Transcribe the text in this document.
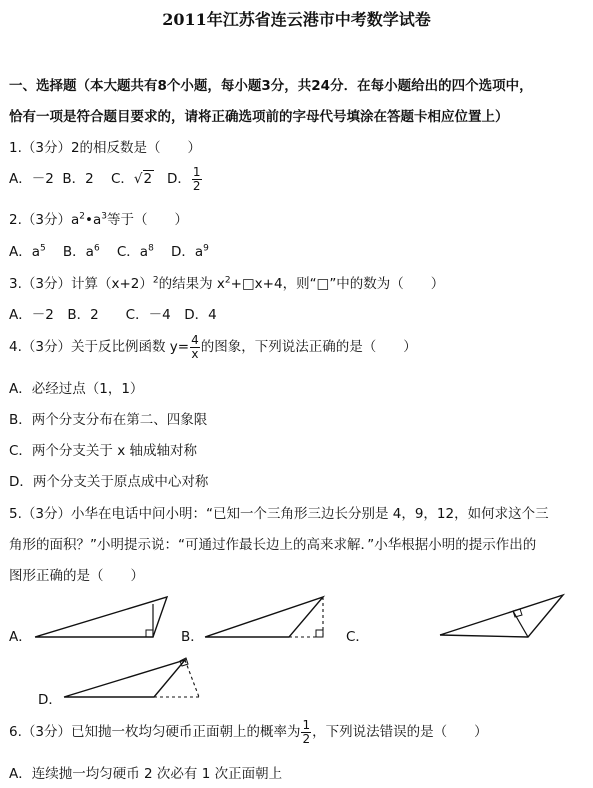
2011年江苏省连云港市中考数学试卷
一、选择题（本大题共有8个小题，每小题3分，共24分．在每小题给出的四个选项中，
恰有一项是符合题目要求的，请将正确选项前的字母代号填涂在答题卡相应位置上）
1.（3分）2的相反数是（　　）
A．－2 B．2 C．√2 D． $\frac{1}{2}$
2.（3分）$a^2•a^3$等于（　　）
A．$a^5$ B．$a^6$ C．$a^8$ D．$a^9$
3.（3分）计算$(x+2)^2$的结果为 $x^2+□x+4$，则“□”中的数为（　　）
A．－2　B．2　　C．－4　D．4
4.（3分）关于反比例函数 $y= \frac{4}{x}$ 的图象，下列说法正确的是（　　）
A．必经过点（1，1）
B．两个分支分布在第二、四象限
C．两个分支关于 x 轴成轴对称
D．两个分支关于原点成中心对称
5.（3分）小华在电话中问小明：“已知一个三角形三边长分别是 4，9，12，如何求这个三
角形的面积？”小明提示说：“可通过作最长边上的高来求解．”小华根据小明的提示作出的
图形正确的是（　　）
A．	B．	C．
D．
6.（3分）已知抛一枚均匀硬币正面朝上的概率为 $\frac{1}{2}$ ，下列说法错误的是（　　）
A．连续抛一均匀硬币 2 次必有 1 次正面朝上
